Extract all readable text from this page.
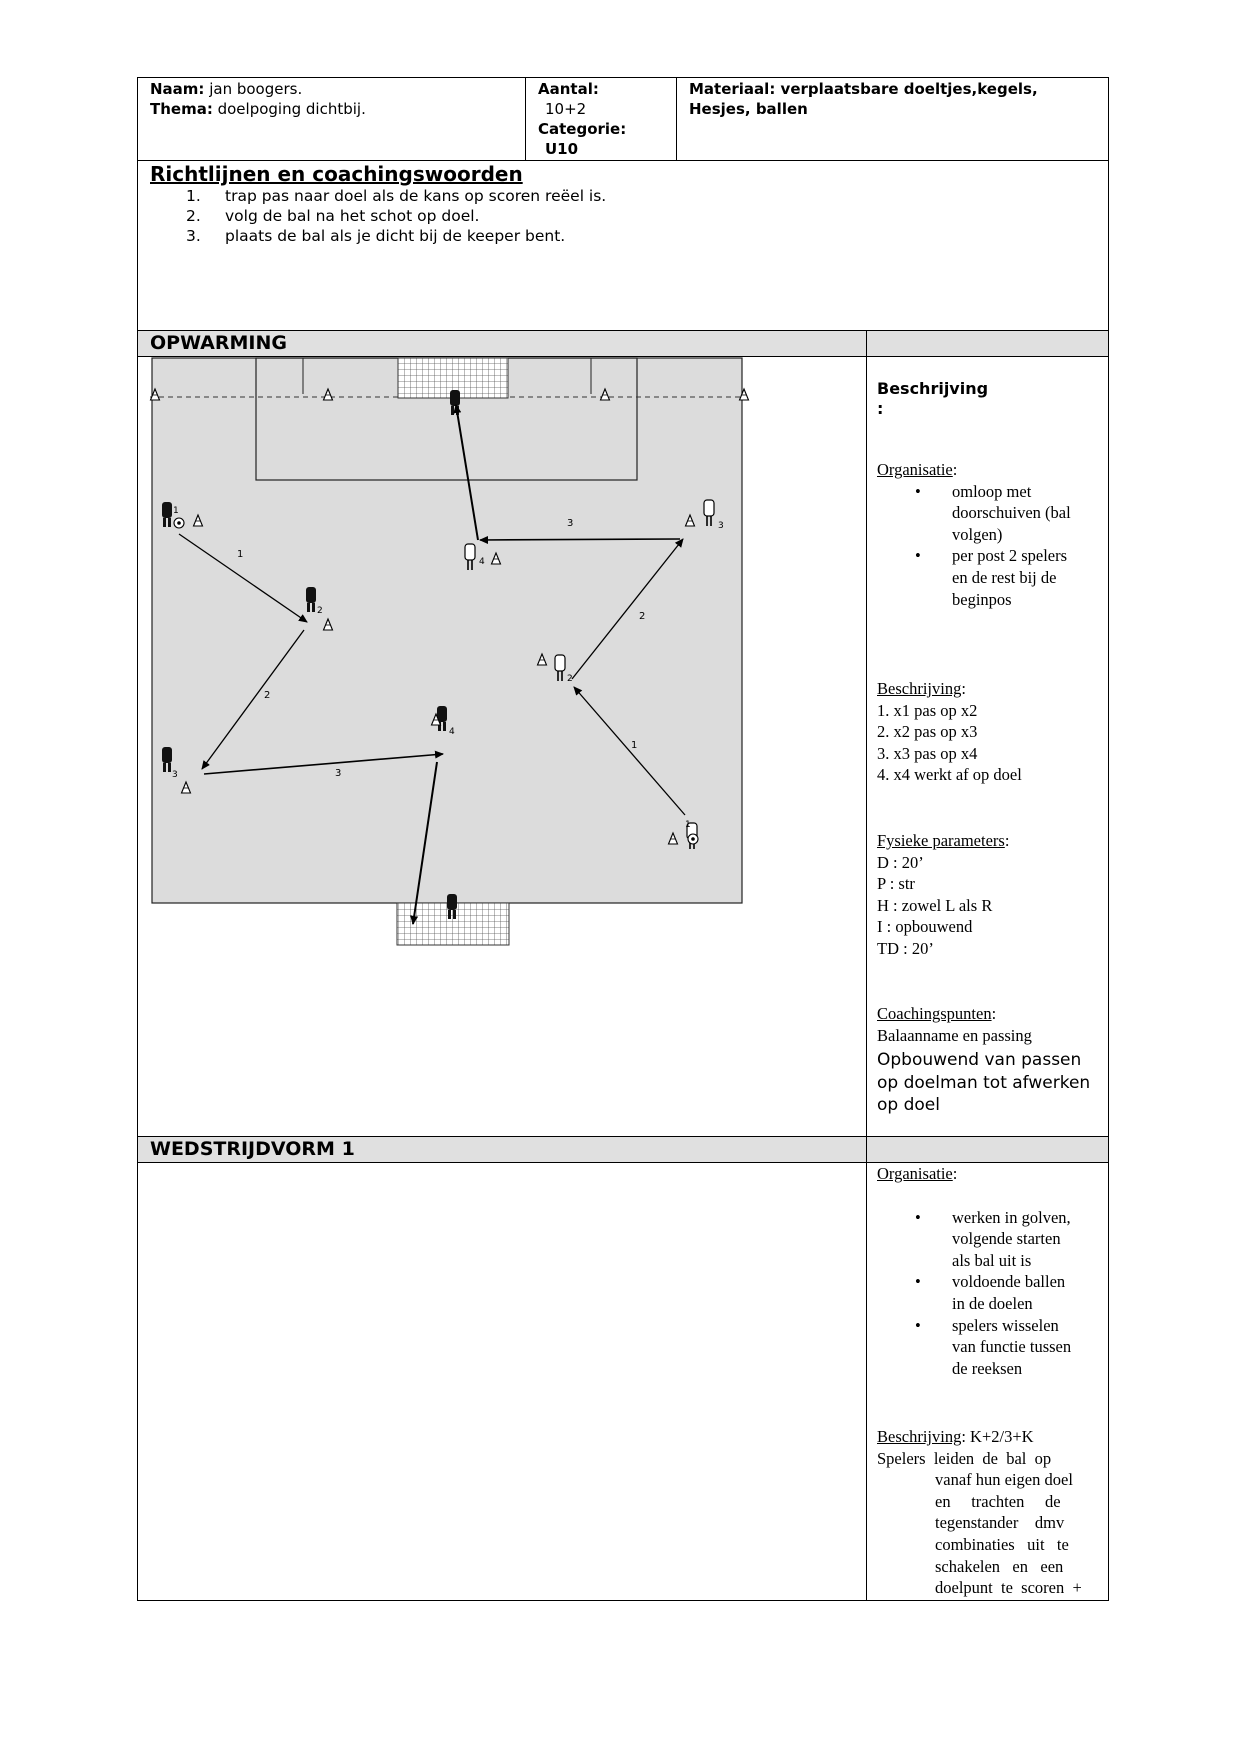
Naam: jan boogers.
Thema: doelpoging dichtbij.
Aantal:
10+2
Categorie:
U10
Materiaal: verplaatsbare doeltjes,kegels,
Hesjes, ballen
Richtlijnen en coachingswoorden
1. trap pas naar doel als de kans op scoren reëel is.
2. volg de bal na het schot op doel.
3. plaats de bal als je dicht bij de keeper bent.
OPWARMING
1
2
3
1
2
3
4
1
2
3
1
2
3
4
Beschrijving
:
Organisatie:
• omloop met
doorschuiven (bal
volgen)
• per post 2 spelers
en de rest bij de
beginpos
Beschrijving:
1. x1 pas op x2
2. x2 pas op x3
3. x3 pas op x4
4. x4 werkt af op doel
Fysieke parameters:
D : 20’
P : str
H : zowel L als R
I : opbouwend
TD : 20’
Coachingspunten:
Balaanname en passing
Opbouwend van passen
op doelman tot afwerken
op doel
WEDSTRIJDVORM 1
Organisatie:
• werken in golven,
volgende starten
als bal uit is
• voldoende ballen
in de doelen
• spelers wisselen
van functie tussen
de reeksen
Beschrijving: K+2/3+K
Spelers  leiden  de  bal  op
vanaf hun eigen doel
en     trachten     de
tegenstander    dmv
combinaties   uit   te
schakelen   en   een
doelpunt  te  scoren  +
